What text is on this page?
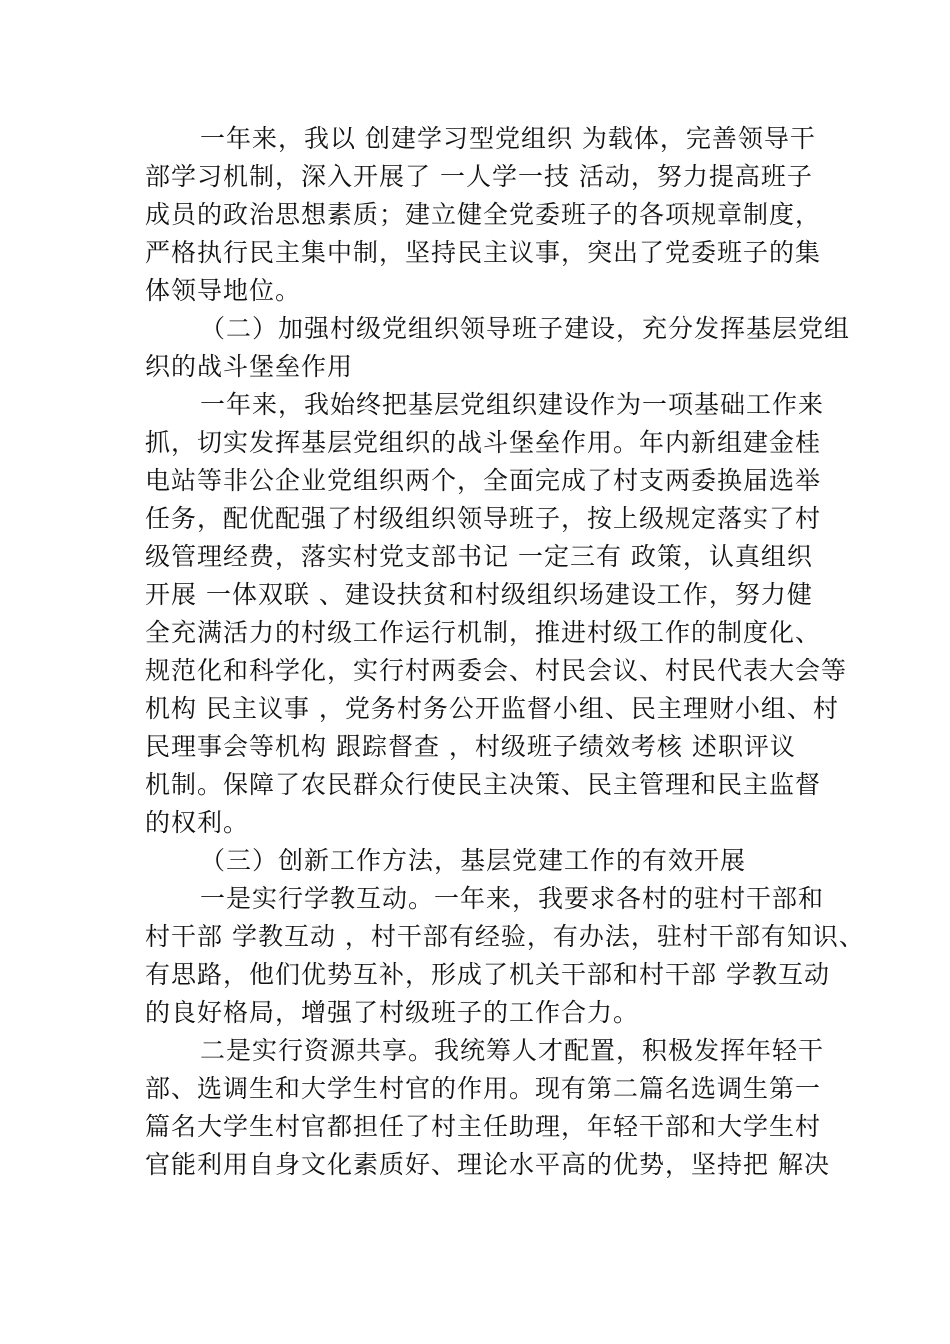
一年来，我以 创建学习型党组织 为载体，完善领导干
部学习机制，深入开展了 一人学一技 活动，努力提高班子
成员的政治思想素质；建立健全党委班子的各项规章制度，
严格执行民主集中制，坚持民主议事，突出了党委班子的集
体领导地位。
（二）加强村级党组织领导班子建设，充分发挥基层党组
织的战斗堡垒作用
一年来，我始终把基层党组织建设作为一项基础工作来
抓，切实发挥基层党组织的战斗堡垒作用。年内新组建金桂
电站等非公企业党组织两个，全面完成了村支两委换届选举
任务，配优配强了村级组织领导班子，按上级规定落实了村
级管理经费，落实村党支部书记 一定三有 政策，认真组织
开展 一体双联 、建设扶贫和村级组织场建设工作，努力健
全充满活力的村级工作运行机制，推进村级工作的制度化、
规范化和科学化，实行村两委会、村民会议、村民代表大会等
机构 民主议事 ，党务村务公开监督小组、民主理财小组、村
民理事会等机构 跟踪督查 ，村级班子绩效考核 述职评议
机制。保障了农民群众行使民主决策、民主管理和民主监督
的权利。
（三）创新工作方法，基层党建工作的有效开展
一是实行学教互动。一年来，我要求各村的驻村干部和
村干部 学教互动 ，村干部有经验，有办法，驻村干部有知识、
有思路，他们优势互补，形成了机关干部和村干部 学教互动
的良好格局，增强了村级班子的工作合力。
二是实行资源共享。我统筹人才配置，积极发挥年轻干
部、选调生和大学生村官的作用。现有第二篇名选调生第一
篇名大学生村官都担任了村主任助理，年轻干部和大学生村
官能利用自身文化素质好、理论水平高的优势，坚持把 解决
